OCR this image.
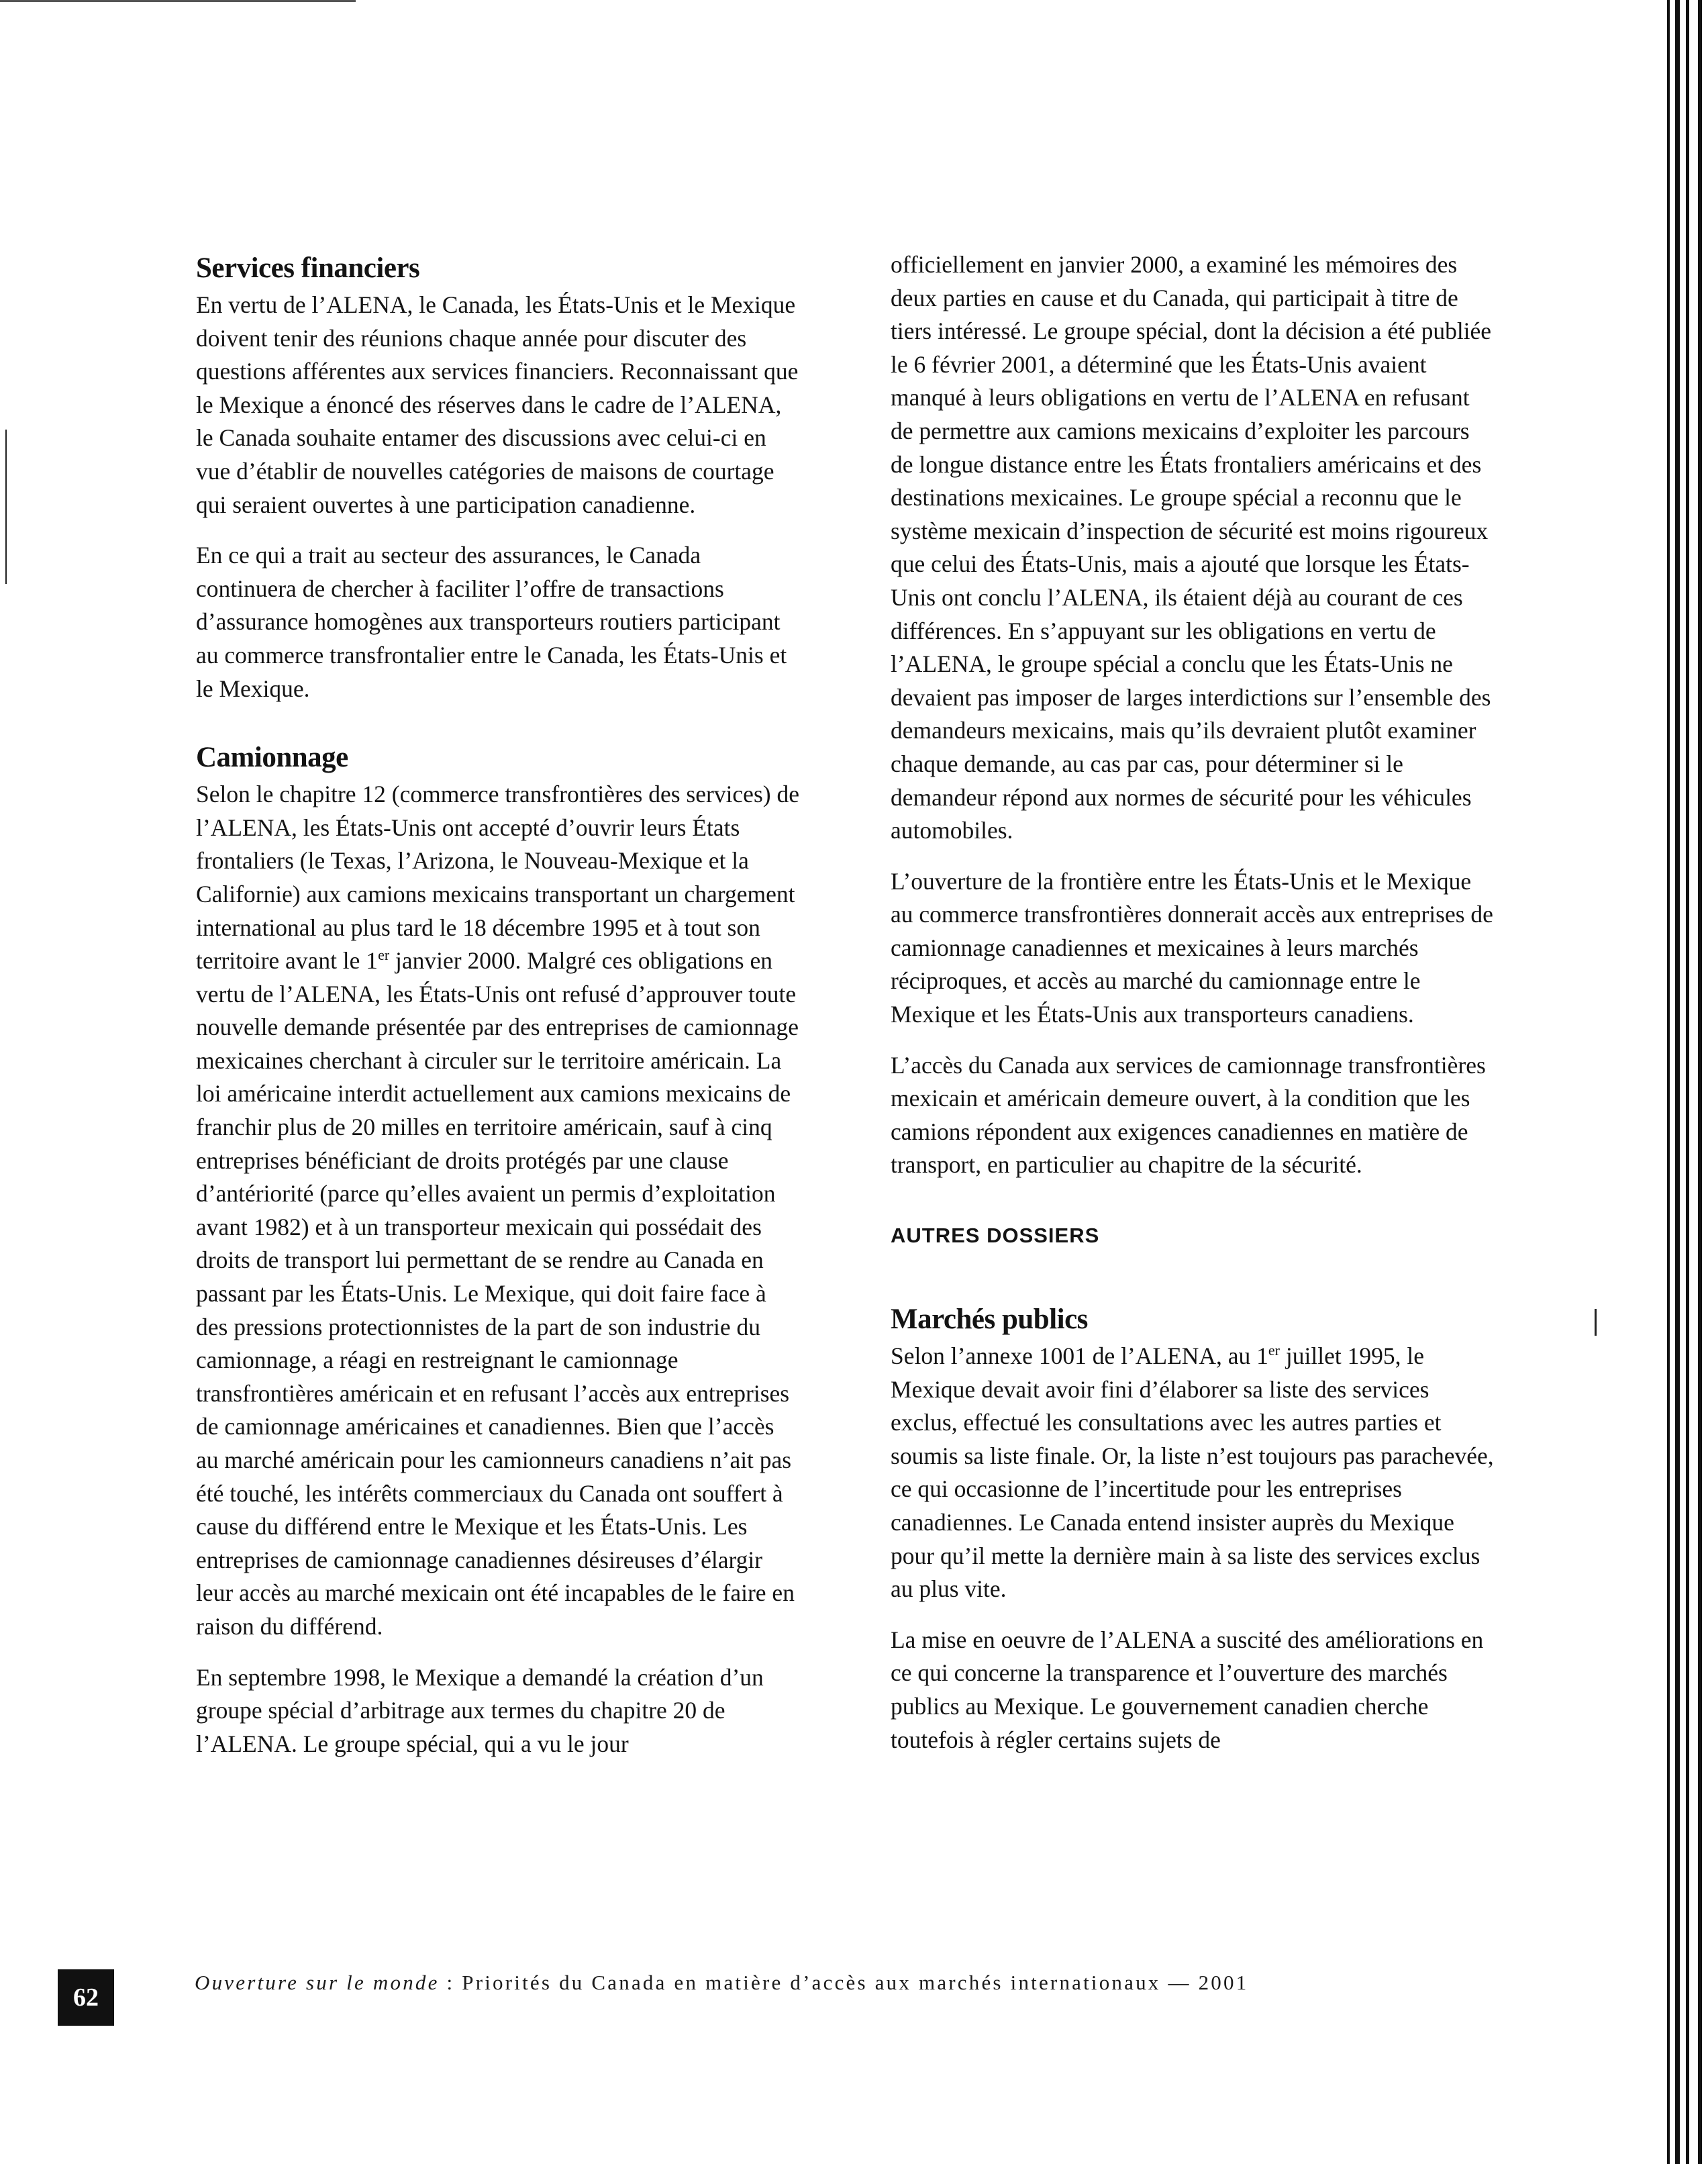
Services financiers

En vertu de l’ALENA, le Canada, les États-Unis et le Mexique doivent tenir des réunions chaque année pour discuter des questions afférentes aux services financiers. Reconnaissant que le Mexique a énoncé des réserves dans le cadre de l’ALENA, le Canada souhaite entamer des discussions avec celui-ci en vue d’établir de nouvelles catégories de maisons de courtage qui seraient ouvertes à une participation canadienne.

En ce qui a trait au secteur des assurances, le Canada continuera de chercher à faciliter l’offre de transactions d’assurance homogènes aux transporteurs routiers participant au commerce transfrontalier entre le Canada, les États-Unis et le Mexique.

Camionnage

Selon le chapitre 12 (commerce transfrontières des services) de l’ALENA, les États-Unis ont accepté d’ouvrir leurs États frontaliers (le Texas, l’Arizona, le Nouveau-Mexique et la Californie) aux camions mexicains transportant un chargement international au plus tard le 18 décembre 1995 et à tout son territoire avant le 1er janvier 2000. Malgré ces obligations en vertu de l’ALENA, les États-Unis ont refusé d’approuver toute nouvelle demande présentée par des entreprises de camionnage mexicaines cherchant à circuler sur le territoire américain. La loi américaine interdit actuellement aux camions mexicains de franchir plus de 20 milles en territoire américain, sauf à cinq entreprises bénéficiant de droits protégés par une clause d’antériorité (parce qu’elles avaient un permis d’exploitation avant 1982) et à un transporteur mexicain qui possédait des droits de transport lui permettant de se rendre au Canada en passant par les États-Unis. Le Mexique, qui doit faire face à des pressions protectionnistes de la part de son industrie du camionnage, a réagi en restreignant le camionnage transfrontières américain et en refusant l’accès aux entreprises de camionnage américaines et canadiennes. Bien que l’accès au marché américain pour les camionneurs canadiens n’ait pas été touché, les intérêts commerciaux du Canada ont souffert à cause du différend entre le Mexique et les États-Unis. Les entreprises de camionnage canadiennes désireuses d’élargir leur accès au marché mexicain ont été incapables de le faire en raison du différend.

En septembre 1998, le Mexique a demandé la création d’un groupe spécial d’arbitrage aux termes du chapitre 20 de l’ALENA. Le groupe spécial, qui a vu le jour

officiellement en janvier 2000, a examiné les mémoires des deux parties en cause et du Canada, qui participait à titre de tiers intéressé. Le groupe spécial, dont la décision a été publiée le 6 février 2001, a déterminé que les États-Unis avaient manqué à leurs obligations en vertu de l’ALENA en refusant de permettre aux camions mexicains d’exploiter les parcours de longue distance entre les États frontaliers américains et des destinations mexicaines. Le groupe spécial a reconnu que le système mexicain d’inspection de sécurité est moins rigoureux que celui des États-Unis, mais a ajouté que lorsque les États-Unis ont conclu l’ALENA, ils étaient déjà au courant de ces différences. En s’appuyant sur les obligations en vertu de l’ALENA, le groupe spécial a conclu que les États-Unis ne devaient pas imposer de larges interdictions sur l’ensemble des demandeurs mexicains, mais qu’ils devraient plutôt examiner chaque demande, au cas par cas, pour déterminer si le demandeur répond aux normes de sécurité pour les véhicules automobiles.

L’ouverture de la frontière entre les États-Unis et le Mexique au commerce transfrontières donnerait accès aux entreprises de camionnage canadiennes et mexicaines à leurs marchés réciproques, et accès au marché du camionnage entre le Mexique et les États-Unis aux transporteurs canadiens.

L’accès du Canada aux services de camionnage transfrontières mexicain et américain demeure ouvert, à la condition que les camions répondent aux exigences canadiennes en matière de transport, en particulier au chapitre de la sécurité.

AUTRES DOSSIERS
Marchés publics

Selon l’annexe 1001 de l’ALENA, au 1er juillet 1995, le Mexique devait avoir fini d’élaborer sa liste des services exclus, effectué les consultations avec les autres parties et soumis sa liste finale. Or, la liste n’est toujours pas parachevée, ce qui occasionne de l’incertitude pour les entreprises canadiennes. Le Canada entend insister auprès du Mexique pour qu’il mette la dernière main à sa liste des services exclus au plus vite.

La mise en oeuvre de l’ALENA a suscité des améliorations en ce qui concerne la transparence et l’ouverture des marchés publics au Mexique. Le gouvernement canadien cherche toutefois à régler certains sujets de

62
Ouverture sur le monde : Priorités du Canada en matière d’accès aux marchés internationaux — 2001
